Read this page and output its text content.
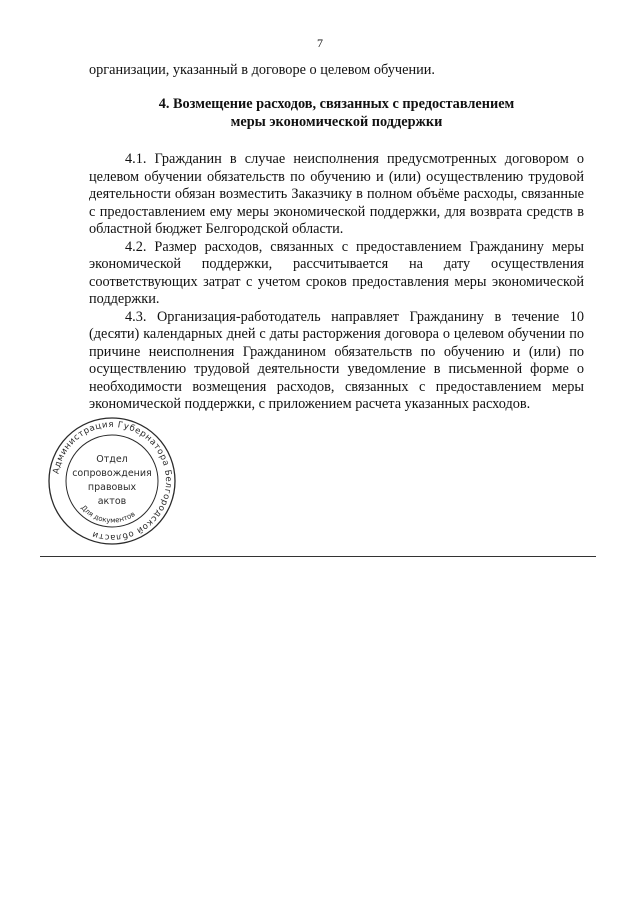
7
организации, указанный в договоре о целевом обучении.
4. Возмещение расходов, связанных с предоставлением
меры экономической поддержки

4.1. Гражданин в случае неисполнения предусмотренных договором о целевом обучении обязательств по обучению и (или) осуществлению трудовой деятельности обязан возместить Заказчику в полном объёме расходы, связанные с предоставлением ему меры экономической поддержки, для возврата средств в областной бюджет Белгородской области.

4.2. Размер расходов, связанных с предоставлением Гражданину меры экономической поддержки, рассчитывается на дату осуществления соответствующих затрат с учетом сроков предоставления меры экономической поддержки.

4.3. Организация-работодатель направляет Гражданину в течение 10 (десяти) календарных дней с даты расторжения договора о целевом обучении по причине неисполнения Гражданином обязательств по обучению и (или) по осуществлению трудовой деятельности уведомление в письменной форме о необходимости возмещения расходов, связанных с предоставлением меры экономической поддержки, с приложением расчета указанных расходов.

Администрация Губернатора Белгородской области
Для документов
Отдел
сопровождения
правовых
актов
